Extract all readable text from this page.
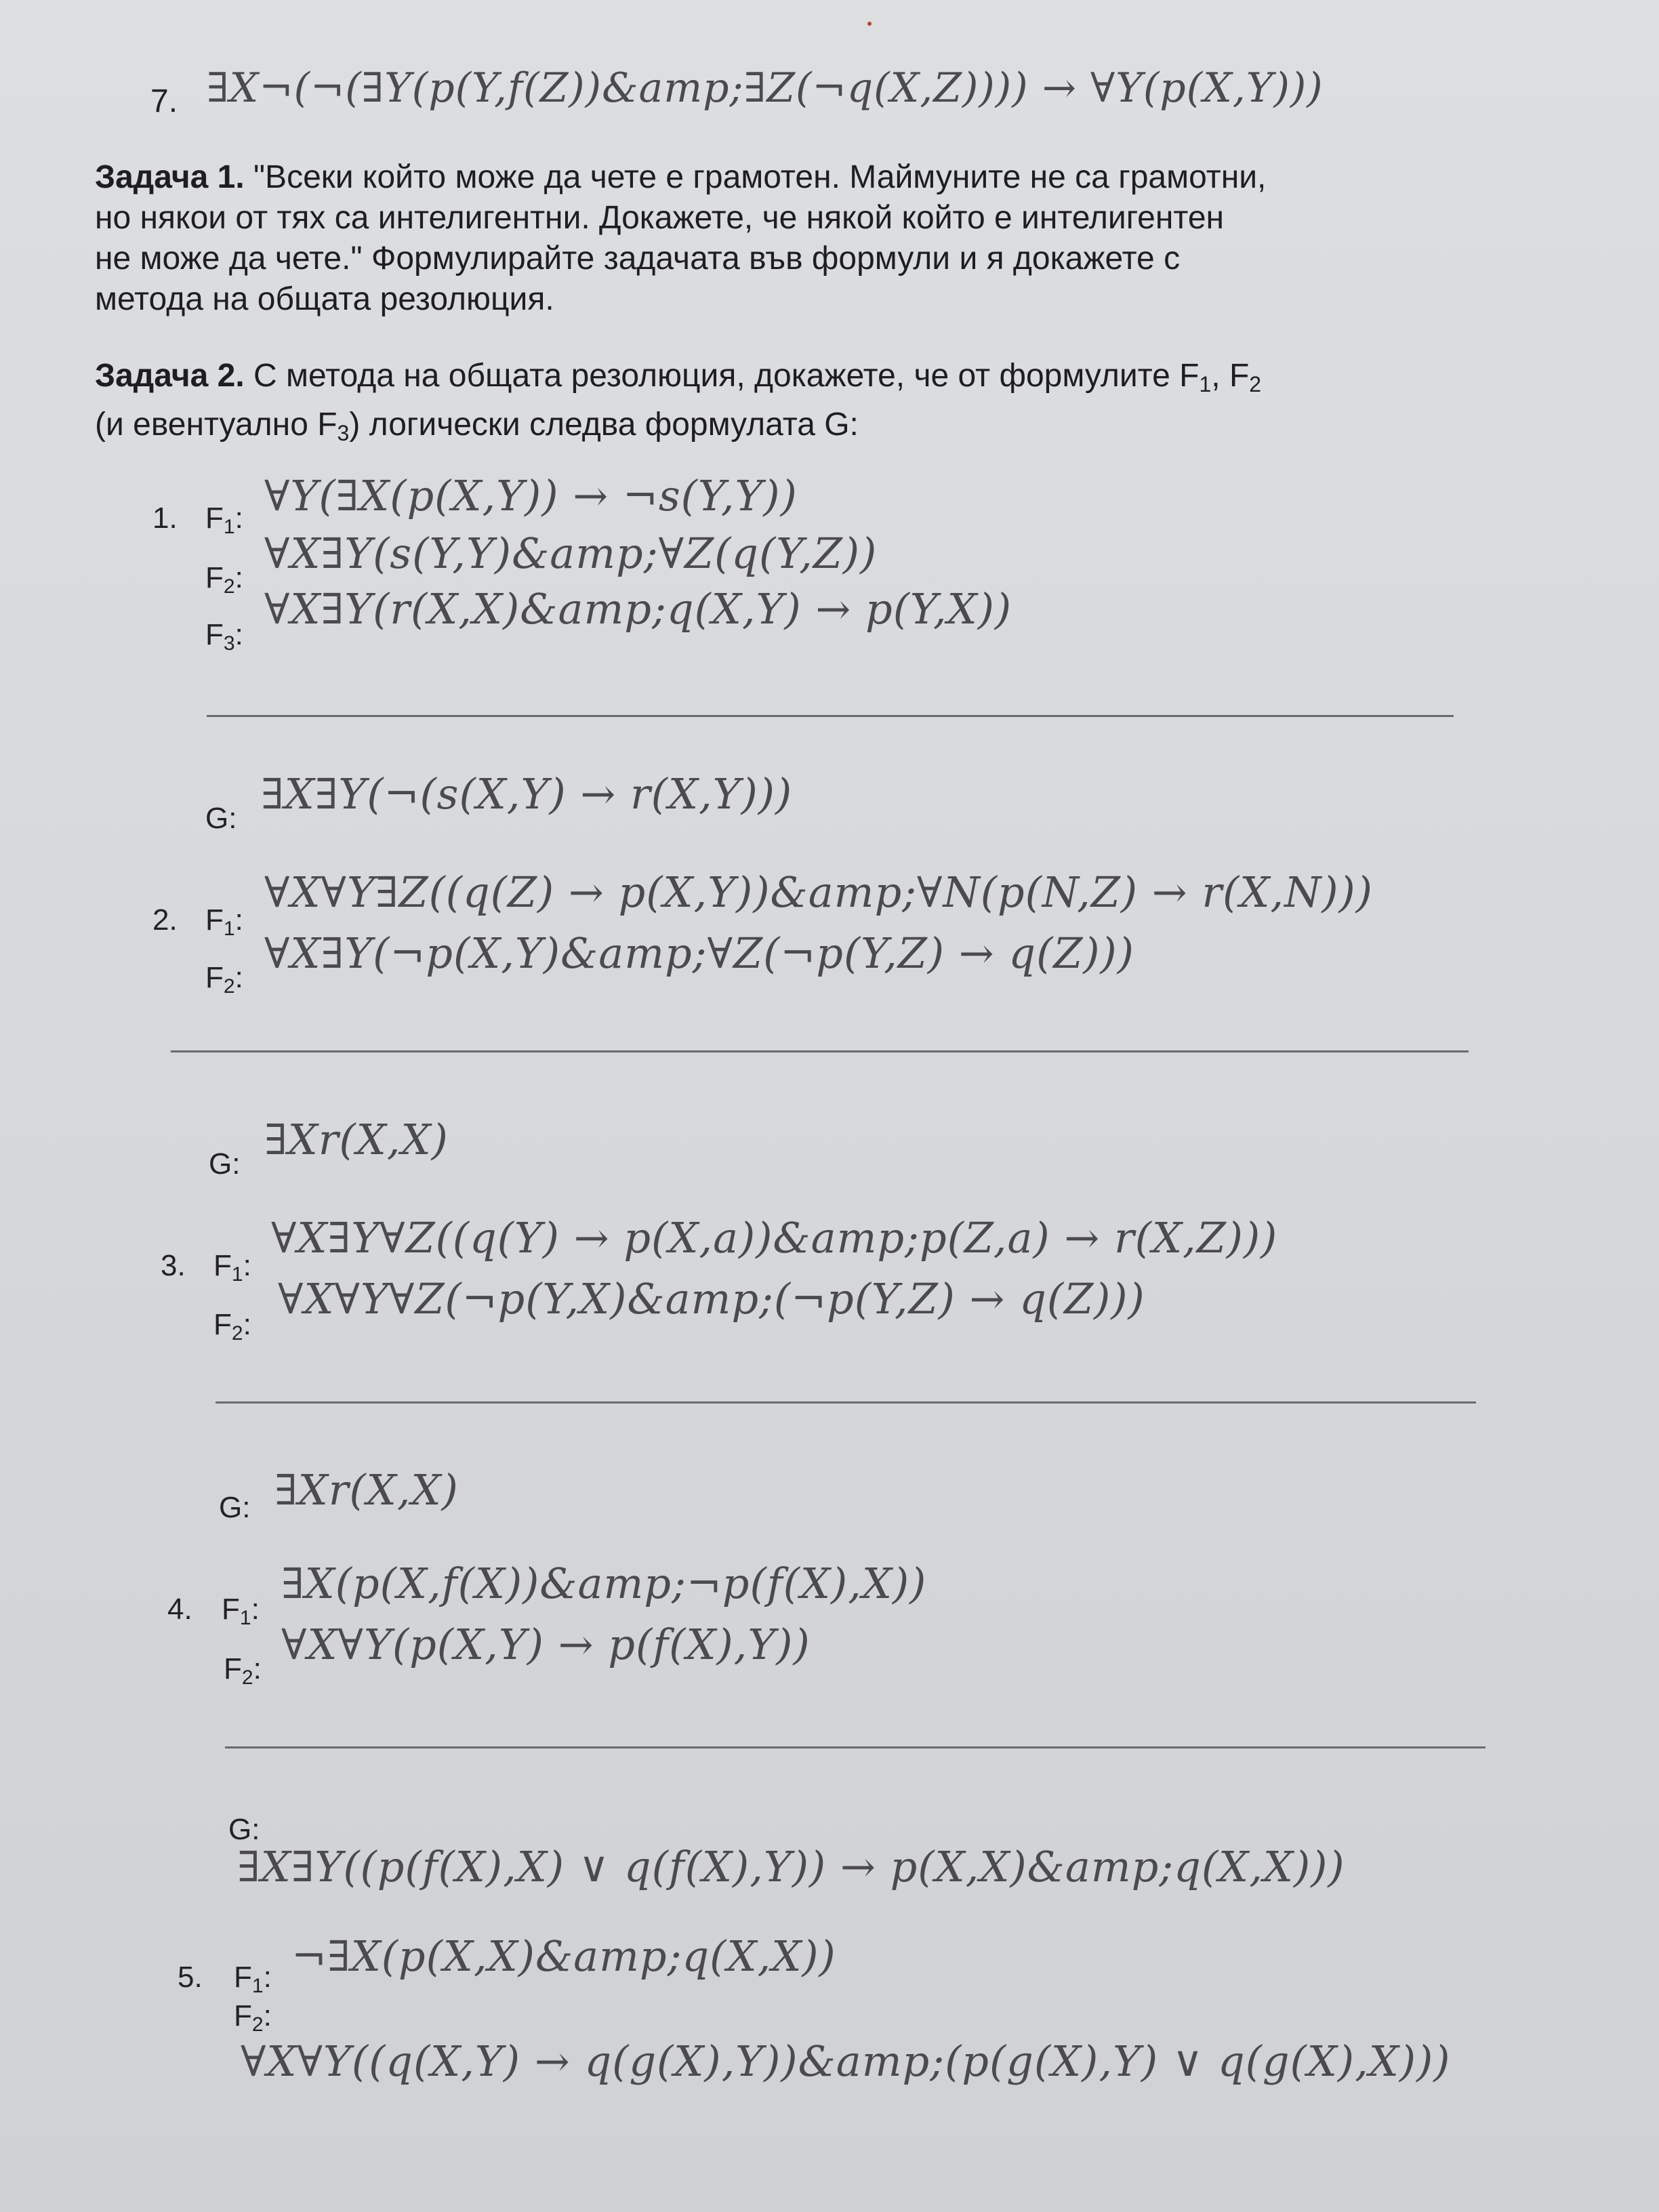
7. ∃X¬(¬(∃Y(p(Y,f(Z))&amp;∃Z(¬q(X,Z)))) → ∀Y(p(X,Y)))
Задача 1. "Всеки който може да чете е грамотен. Маймуните не са грамотни,
но някои от тях са интелигентни. Докажете, че някой който е интелигентен
не може да чете." Формулирайте задачата във формули и я докажете с
метода на общата резолюция.
Задача 2. С метода на общата резолюция, докажете, че от формулите $F_1$, $F_2$
(и евентуално $F_3$) логически следва формулата G:
1. $F_1$: ∀Y(∃X(p(X,Y)) → ¬s(Y,Y))
$F_2$: ∀X∃Y(s(Y,Y)&amp;∀Z(q(Y,Z))
$F_3$:
∀X∃Y(r(X,X)&amp;q(X,Y) → p(Y,X))
G: ∃X∃Y(¬(s(X,Y) → r(X,Y)))
2. $F_1$:
∀X∀Y∃Z((q(Z) → p(X,Y))&amp;∀N(p(N,Z) → r(X,N)))
$F_2$: ∀X∃Y(¬p(X,Y)&amp;∀Z(¬p(Y,Z) → q(Z)))
G: ∃Xr(X,X)
3. $F_1$:
∀X∃Y∀Z((q(Y) → p(X,a))&amp;p(Z,a) → r(X,Z)))
$F_2$:
∀X∀Y∀Z(¬p(Y,X)&amp;(¬p(Y,Z) → q(Z)))
G: ∃Xr(X,X)
4. $F_1$:
∃X(p(X,f(X))&amp;¬p(f(X),X))
$F_2$: ∀X∀Y(p(X,Y) → p(f(X),Y))
G:
∃X∃Y((p(f(X),X) ∨ q(f(X),Y)) → p(X,X)&amp;q(X,X)))
5. $F_1$: ¬∃X(p(X,X)&amp;q(X,X))
$F_2$:
∀X∀Y((q(X,Y) → q(g(X),Y))&amp;(p(g(X),Y) ∨ q(g(X),X)))
